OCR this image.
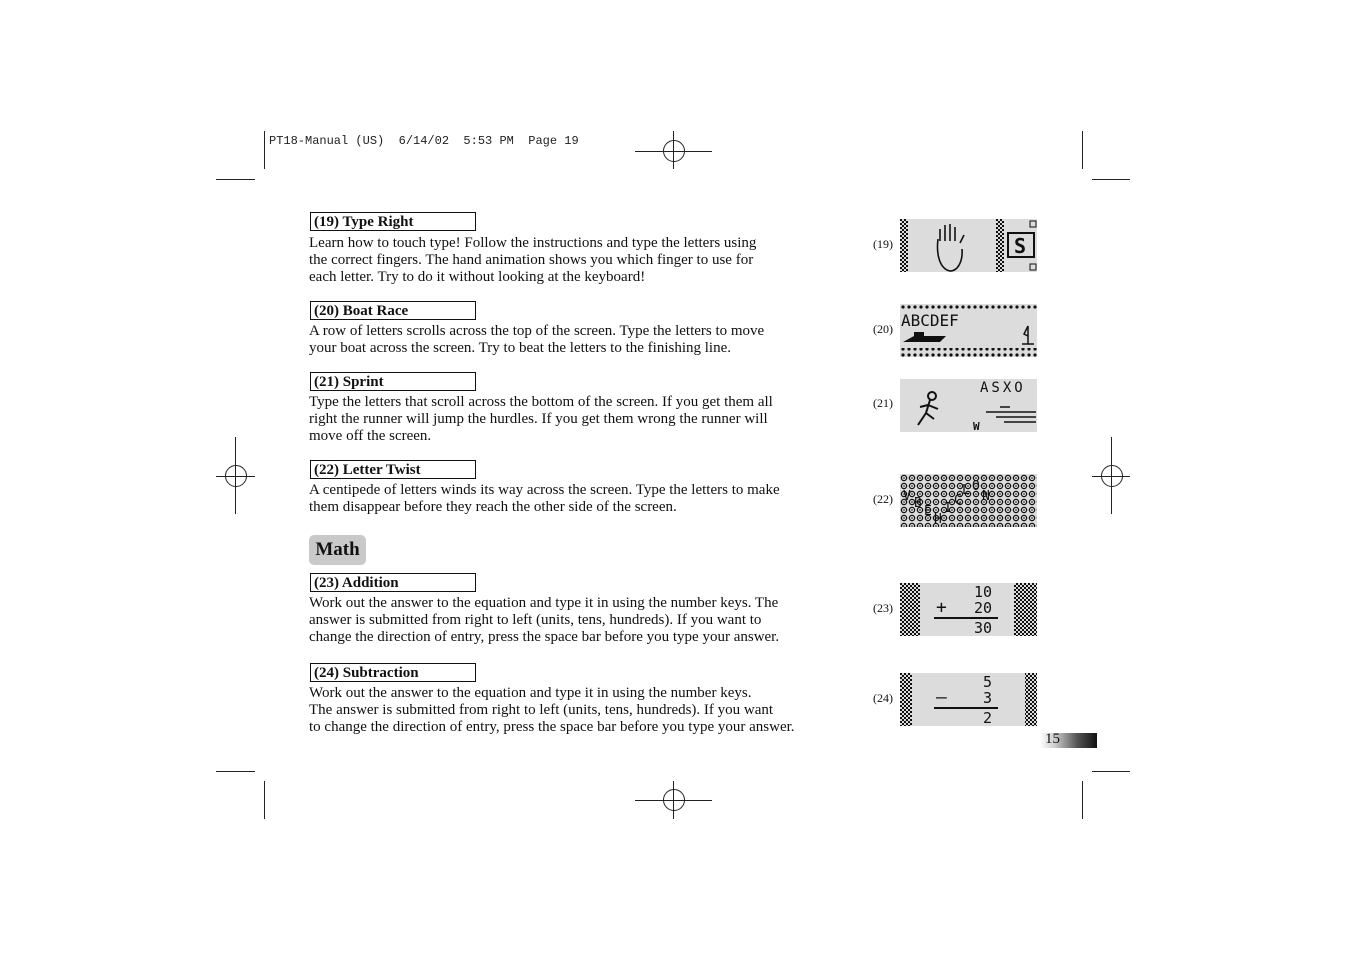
PT18-Manual (US)  6/14/02  5:53 PM  Page 19
(19) Type Right
Learn how to touch type! Follow the instructions and type the letters using
the correct fingers. The hand animation shows you which finger to use for
each letter. Try to do it without looking at the keyboard!
(20) Boat Race
A row of letters scrolls across the top of the screen. Type the letters to move
your boat across the screen. Try to beat the letters to the finishing line.
(21) Sprint
Type the letters that scroll across the bottom of the screen. If you get them all
right the runner will jump the hurdles. If you get them wrong the runner will
move off the screen.
(22) Letter Twist
A centipede of letters winds its way across the screen. Type the letters to make
them disappear before they reach the other side of the screen.
Math
(23) Addition
Work out the answer to the equation and type it in using the number keys. The
answer is submitted from right to left (units, tens, hundreds). If you want to
change the direction of entry, press the space bar before you type your answer.
(24) Subtraction
Work out the answer to the equation and type it in using the number keys.
The answer is submitted from right to left (units, tens, hundreds). If you want
to change the direction of entry, press the space bar before you type your answer.
(19)
(20)
(21)
(22)
(23)
(24)
S
ABCDEF
ASXO
W
V B
E
H
I
C
L O
N
10
20
30
+
5
3
2
–
15
